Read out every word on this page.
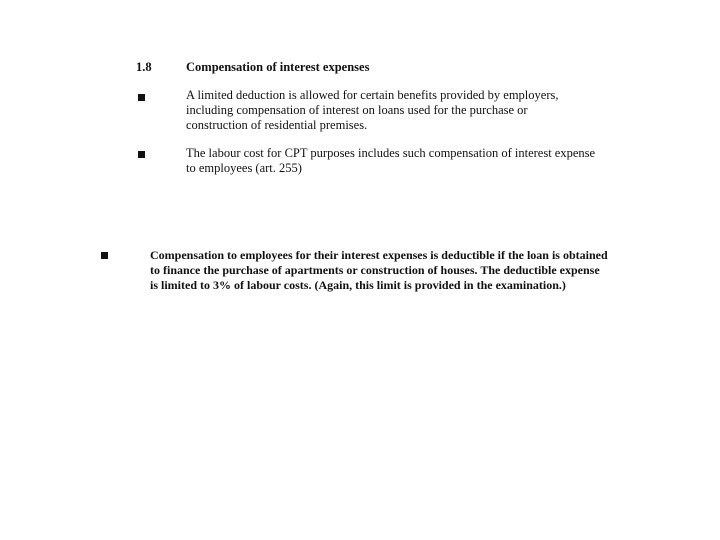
1.8	Compensation of interest expenses
A limited deduction is allowed for certain benefits provided by employers,
including compensation of interest on loans used for the purchase or
construction of residential premises.
The labour cost for CPT purposes includes such compensation of interest expense
to employees (art. 255)
Compensation to employees for their interest expenses is deductible if the loan is obtained
to finance the purchase of apartments or construction of houses. The deductible expense
is limited to 3% of labour costs. (Again, this limit is provided in the examination.)
